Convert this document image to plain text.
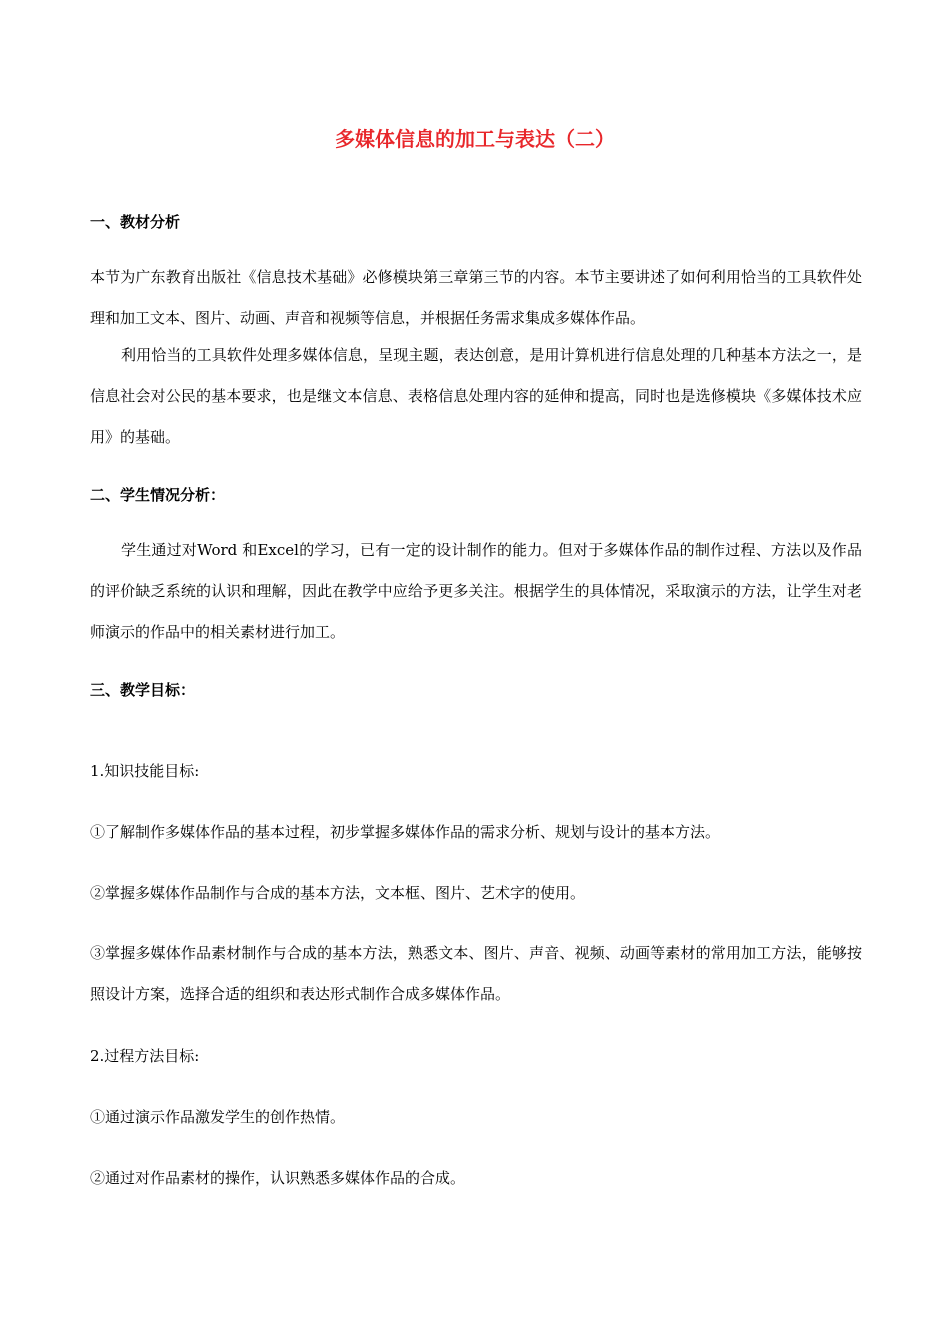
多媒体信息的加工与表达（二）
一、教材分析
本节为广东教育出版社《信息技术基础》必修模块第三章第三节的内容。本节主要讲述了如何利用恰当的工具软件处理和加工文本、图片、动画、声音和视频等信息，并根据任务需求集成多媒体作品。
利用恰当的工具软件处理多媒体信息，呈现主题，表达创意，是用计算机进行信息处理的几种基本方法之一，是信息社会对公民的基本要求，也是继文本信息、表格信息处理内容的延伸和提高，同时也是选修模块《多媒体技术应用》的基础。
二、学生情况分析：
学生通过对Word 和Excel的学习，已有一定的设计制作的能力。但对于多媒体作品的制作过程、方法以及作品的评价缺乏系统的认识和理解，因此在教学中应给予更多关注。根据学生的具体情况，采取演示的方法，让学生对老师演示的作品中的相关素材进行加工。
三、教学目标：
1.知识技能目标:
①了解制作多媒体作品的基本过程，初步掌握多媒体作品的需求分析、规划与设计的基本方法。
②掌握多媒体作品制作与合成的基本方法，文本框、图片、艺术字的使用。
③掌握多媒体作品素材制作与合成的基本方法，熟悉文本、图片、声音、视频、动画等素材的常用加工方法，能够按照设计方案，选择合适的组织和表达形式制作合成多媒体作品。
2.过程方法目标:
①通过演示作品激发学生的创作热情。
②通过对作品素材的操作，认识熟悉多媒体作品的合成。
